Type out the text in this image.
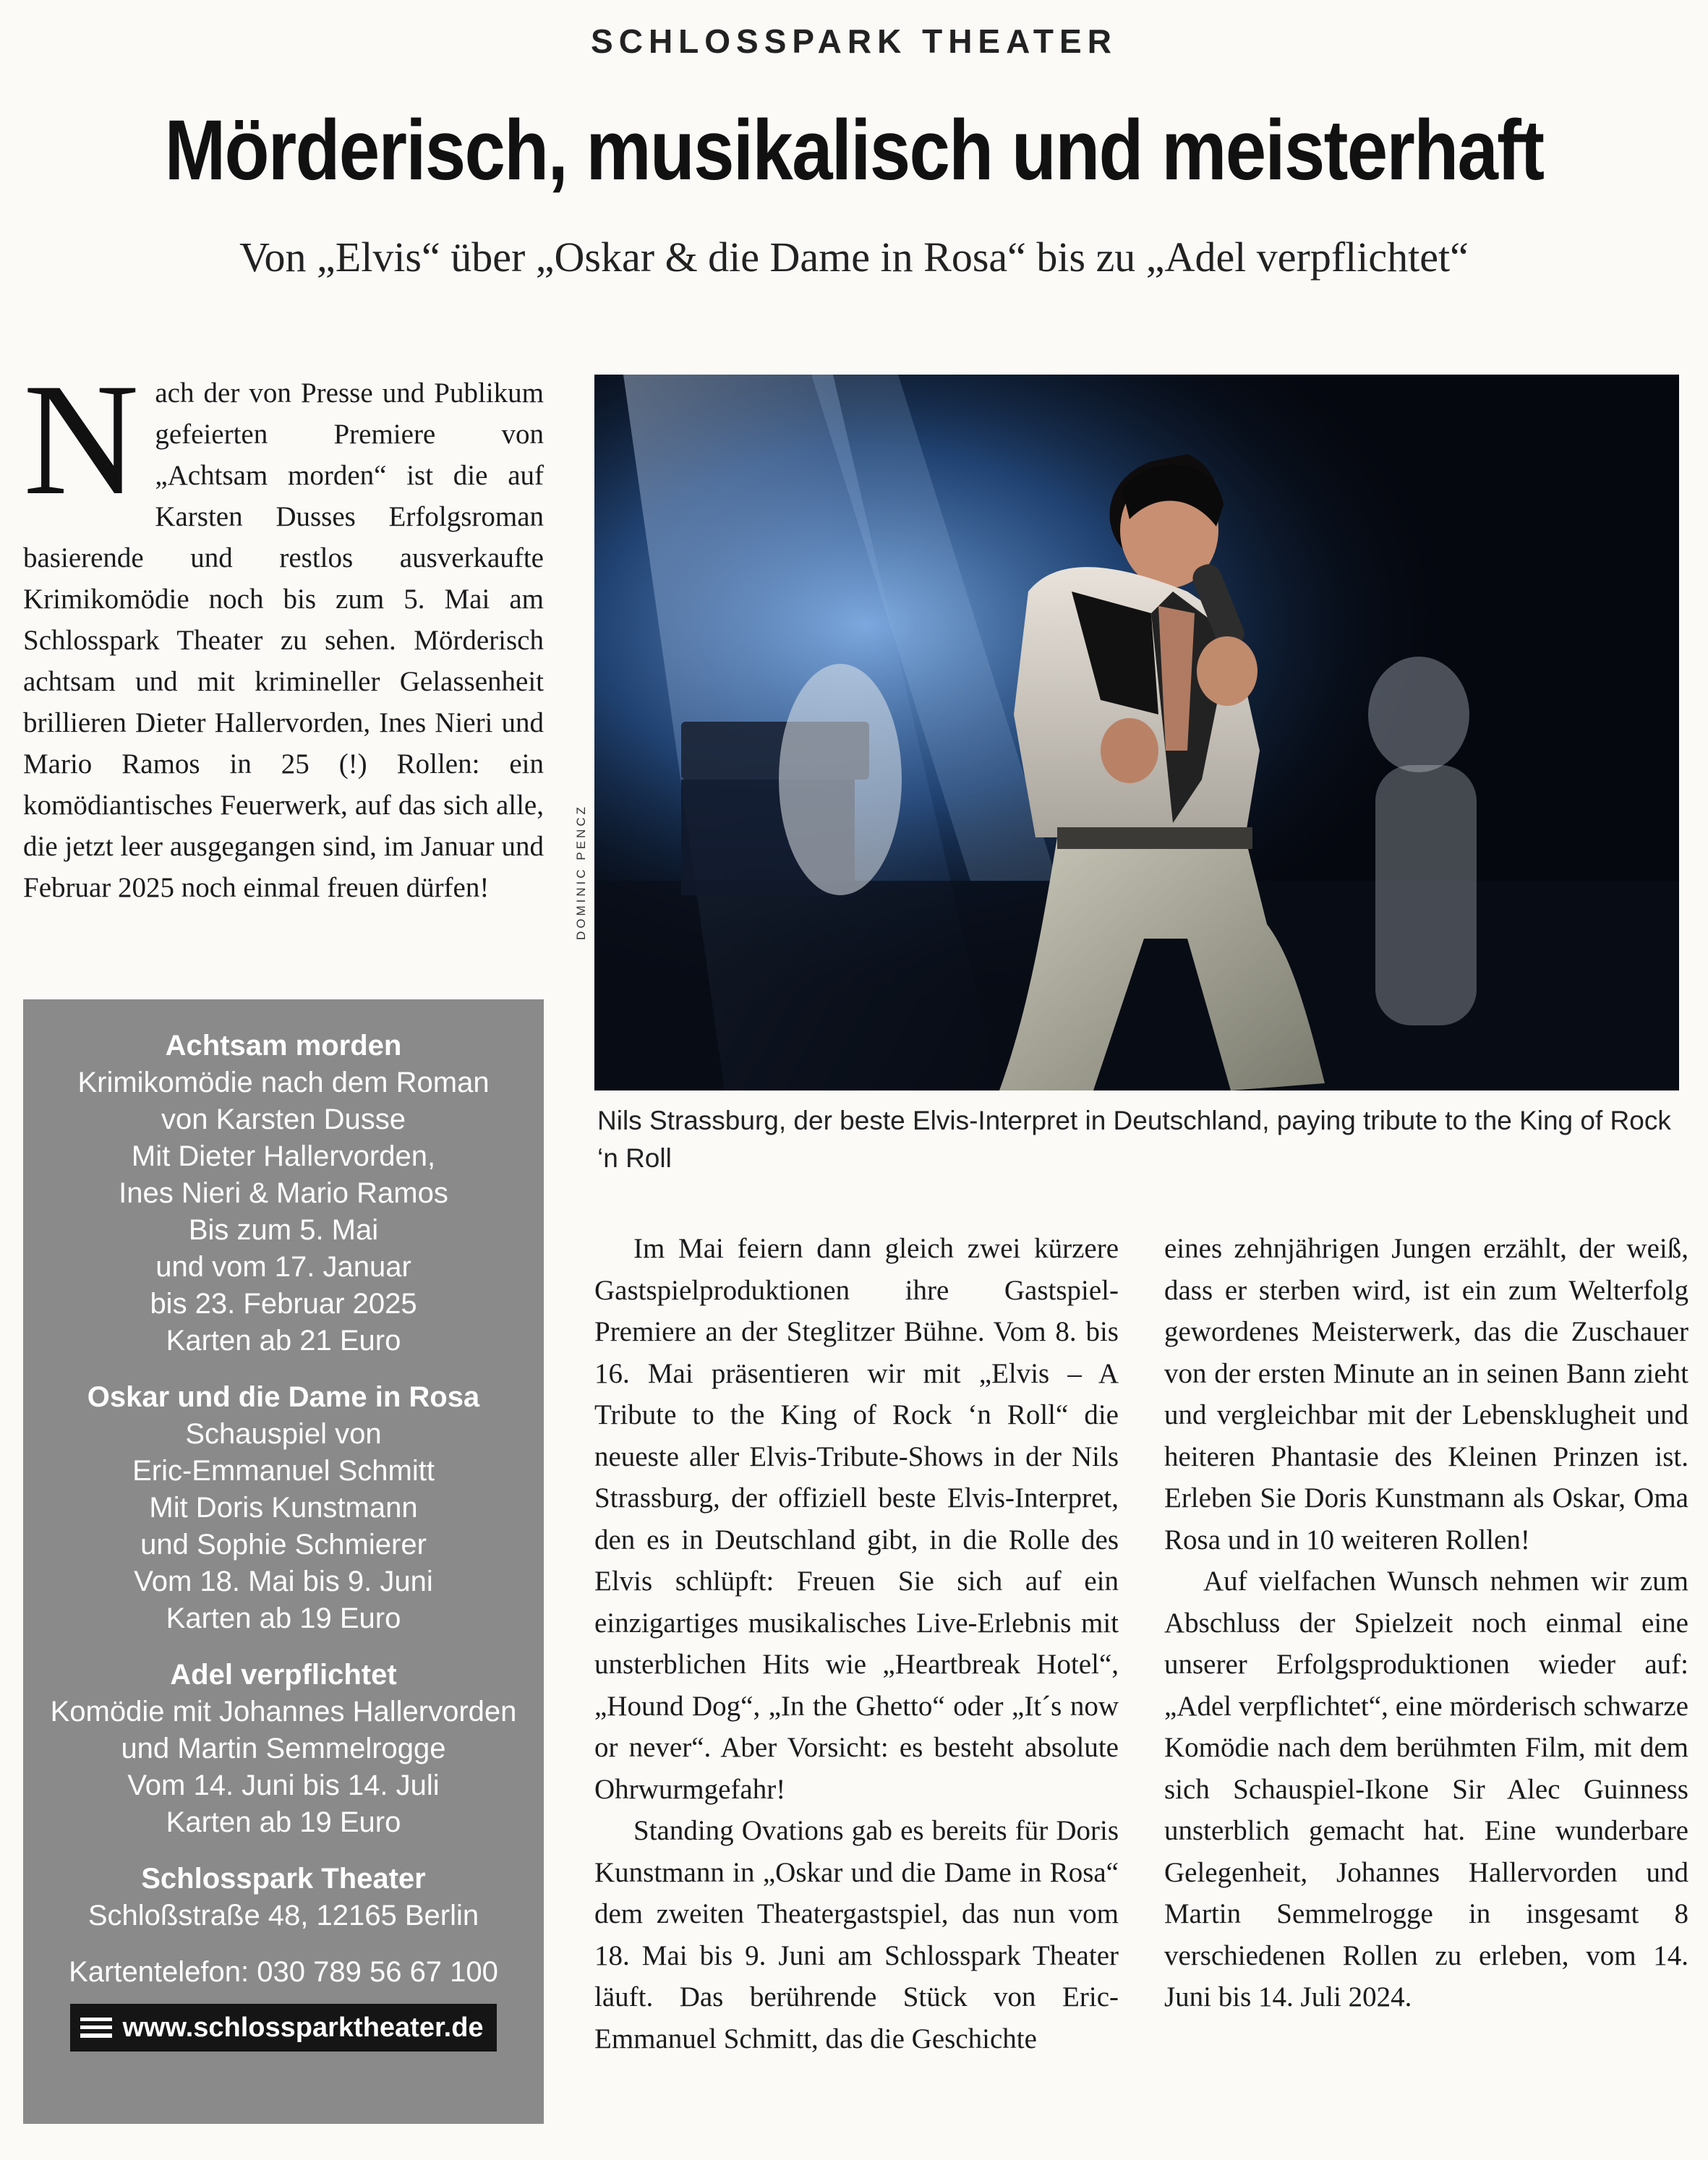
SCHLOSSPARK THEATER
Mörderisch, musikalisch und meisterhaft
Von „Elvis“ über „Oskar & die Dame in Rosa“ bis zu „Adel verpflichtet“
Nach der von Presse und Publikum gefeierten Premiere von „Achtsam morden“ ist die auf Karsten Dusses Erfolgsroman basierende und restlos ausverkaufte Krimikomödie noch bis zum 5. Mai am Schlosspark Theater zu sehen. Mörderisch achtsam und mit krimineller Gelassenheit brillieren Dieter Hallervorden, Ines Nieri und Mario Ramos in 25 (!) Rollen: ein komödiantisches Feuerwerk, auf das sich alle, die jetzt leer ausgegangen sind, im Januar und Februar 2025 noch einmal freuen dürfen!
Achtsam morden
Krimikomödie nach dem Roman
von Karsten Dusse
Mit Dieter Hallervorden,
Ines Nieri & Mario Ramos
Bis zum 5. Mai
und vom 17. Januar
bis 23. Februar 2025
Karten ab 21 Euro
Oskar und die Dame in Rosa
Schauspiel von
Eric-Emmanuel Schmitt
Mit Doris Kunstmann
und Sophie Schmierer
Vom 18. Mai bis 9. Juni
Karten ab 19 Euro
Adel verpflichtet
Komödie mit Johannes Hallervorden
und Martin Semmelrogge
Vom 14. Juni bis 14. Juli
Karten ab 19 Euro
Schlosspark Theater
Schloßstraße 48, 12165 Berlin
Kartentelefon: 030 789 56 67 100
www.schlossparktheater.de
DOMINIC PENCZ
Nils Strassburg, der beste Elvis-Interpret in Deutschland, paying tribute to the King of Rock ‘n Roll

Im Mai feiern dann gleich zwei kürzere Gastspielproduktionen ihre Gastspiel-Premiere an der Steglitzer Bühne. Vom 8. bis 16. Mai präsentieren wir mit „Elvis – A Tribute to the King of Rock ‘n Roll“ die neueste aller Elvis-Tribute-Shows in der Nils Strassburg, der offiziell beste Elvis-Interpret, den es in Deutschland gibt, in die Rolle des Elvis schlüpft: Freuen Sie sich auf ein einzigartiges musikalisches Live-Erlebnis mit unsterblichen Hits wie „Heartbreak Hotel“, „Hound Dog“, „In the Ghetto“ oder „It´s now or never“. Aber Vorsicht: es besteht absolute Ohrwurmgefahr!

Standing Ovations gab es bereits für Doris Kunstmann in „Oskar und die Dame in Rosa“ dem zweiten Theatergastspiel, das nun vom 18. Mai bis 9. Juni am Schlosspark Theater läuft. Das berührende Stück von Eric-Emmanuel Schmitt, das die Geschichte

eines zehnjährigen Jungen erzählt, der weiß, dass er sterben wird, ist ein zum Welterfolg gewordenes Meisterwerk, das die Zuschauer von der ersten Minute an in seinen Bann zieht und vergleichbar mit der Lebensklugheit und heiteren Phantasie des Kleinen Prinzen ist. Erleben Sie Doris Kunstmann als Oskar, Oma Rosa und in 10 weiteren Rollen!

Auf vielfachen Wunsch nehmen wir zum Abschluss der Spielzeit noch einmal eine unserer Erfolgsproduktionen wieder auf: „Adel verpflichtet“, eine mörderisch schwarze Komödie nach dem berühmten Film, mit dem sich Schauspiel-Ikone Sir Alec Guinness unsterblich gemacht hat. Eine wunderbare Gelegenheit, Johannes Hallervorden und Martin Semmelrogge in insgesamt 8 verschiedenen Rollen zu erleben, vom 14. Juni bis 14. Juli 2024.
